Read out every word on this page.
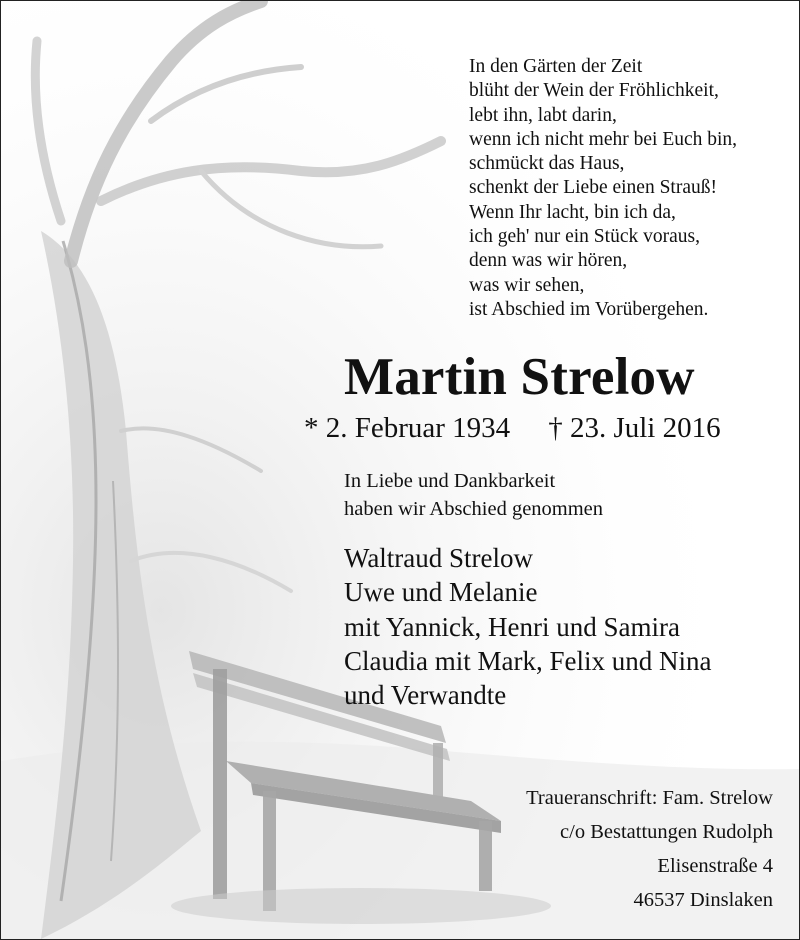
In den Gärten der Zeit
blüht der Wein der Fröhlichkeit,
lebt ihn, labt darin,
wenn ich nicht mehr bei Euch bin,
schmückt das Haus,
schenkt der Liebe einen Strauß!
Wenn Ihr lacht, bin ich da,
ich geh' nur ein Stück voraus,
denn was wir hören,
was wir sehen,
ist Abschied im Vorübergehen.
Martin Strelow
* 2. Februar 1934 † 23. Juli 2016
In Liebe und Dankbarkeit
haben wir Abschied genommen
Waltraud Strelow
Uwe und Melanie
mit Yannick, Henri und Samira
Claudia mit Mark, Felix und Nina
und Verwandte
Traueranschrift: Fam. Strelow
c/o Bestattungen Rudolph
Elisenstraße 4
46537 Dinslaken
